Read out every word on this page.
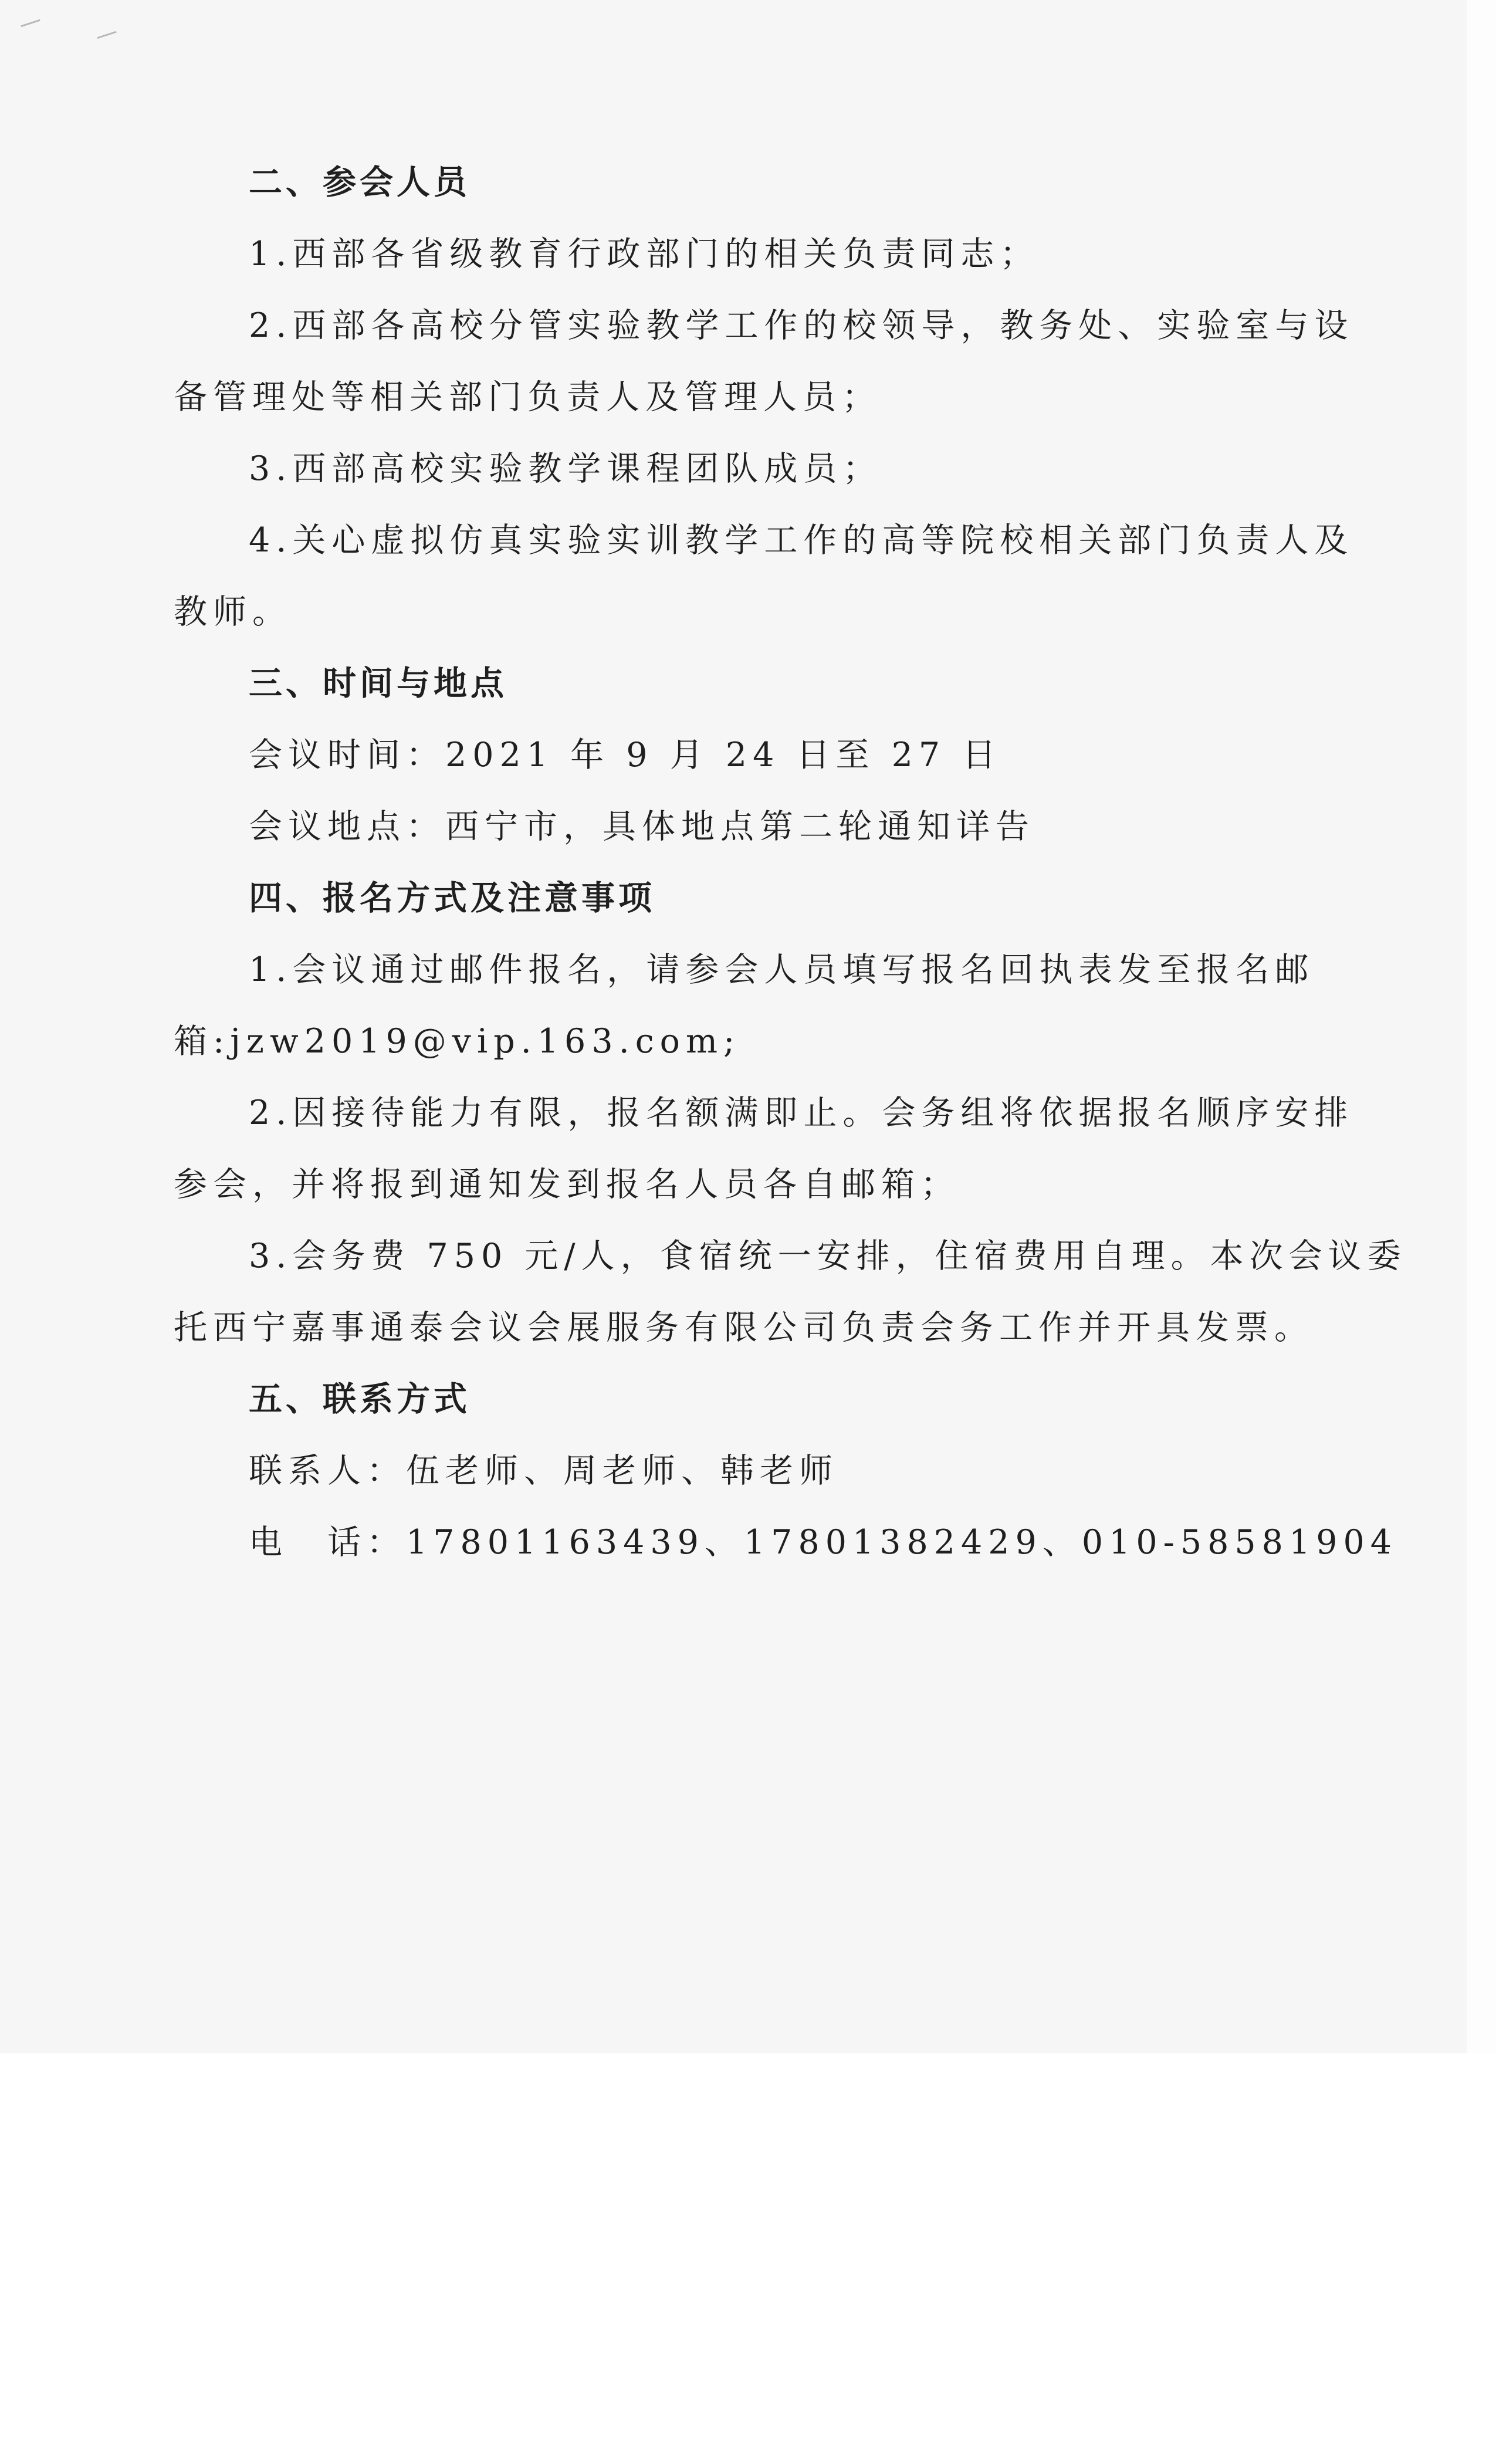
二、参会人员
1.西部各省级教育行政部门的相关负责同志；
2.西部各高校分管实验教学工作的校领导，教务处、实验室与设
备管理处等相关部门负责人及管理人员；
3.西部高校实验教学课程团队成员；
4.关心虚拟仿真实验实训教学工作的高等院校相关部门负责人及
教师。
三、时间与地点
会议时间：2021 年 9 月 24 日至 27 日
会议地点：西宁市，具体地点第二轮通知详告
四、报名方式及注意事项
1.会议通过邮件报名，请参会人员填写报名回执表发至报名邮
箱:jzw2019@vip.163.com;
2.因接待能力有限，报名额满即止。会务组将依据报名顺序安排
参会，并将报到通知发到报名人员各自邮箱；
3.会务费 750 元/人，食宿统一安排，住宿费用自理。本次会议委
托西宁嘉事通泰会议会展服务有限公司负责会务工作并开具发票。
五、联系方式
联系人：伍老师、周老师、韩老师
电　话：17801163439、17801382429、010-58581904
